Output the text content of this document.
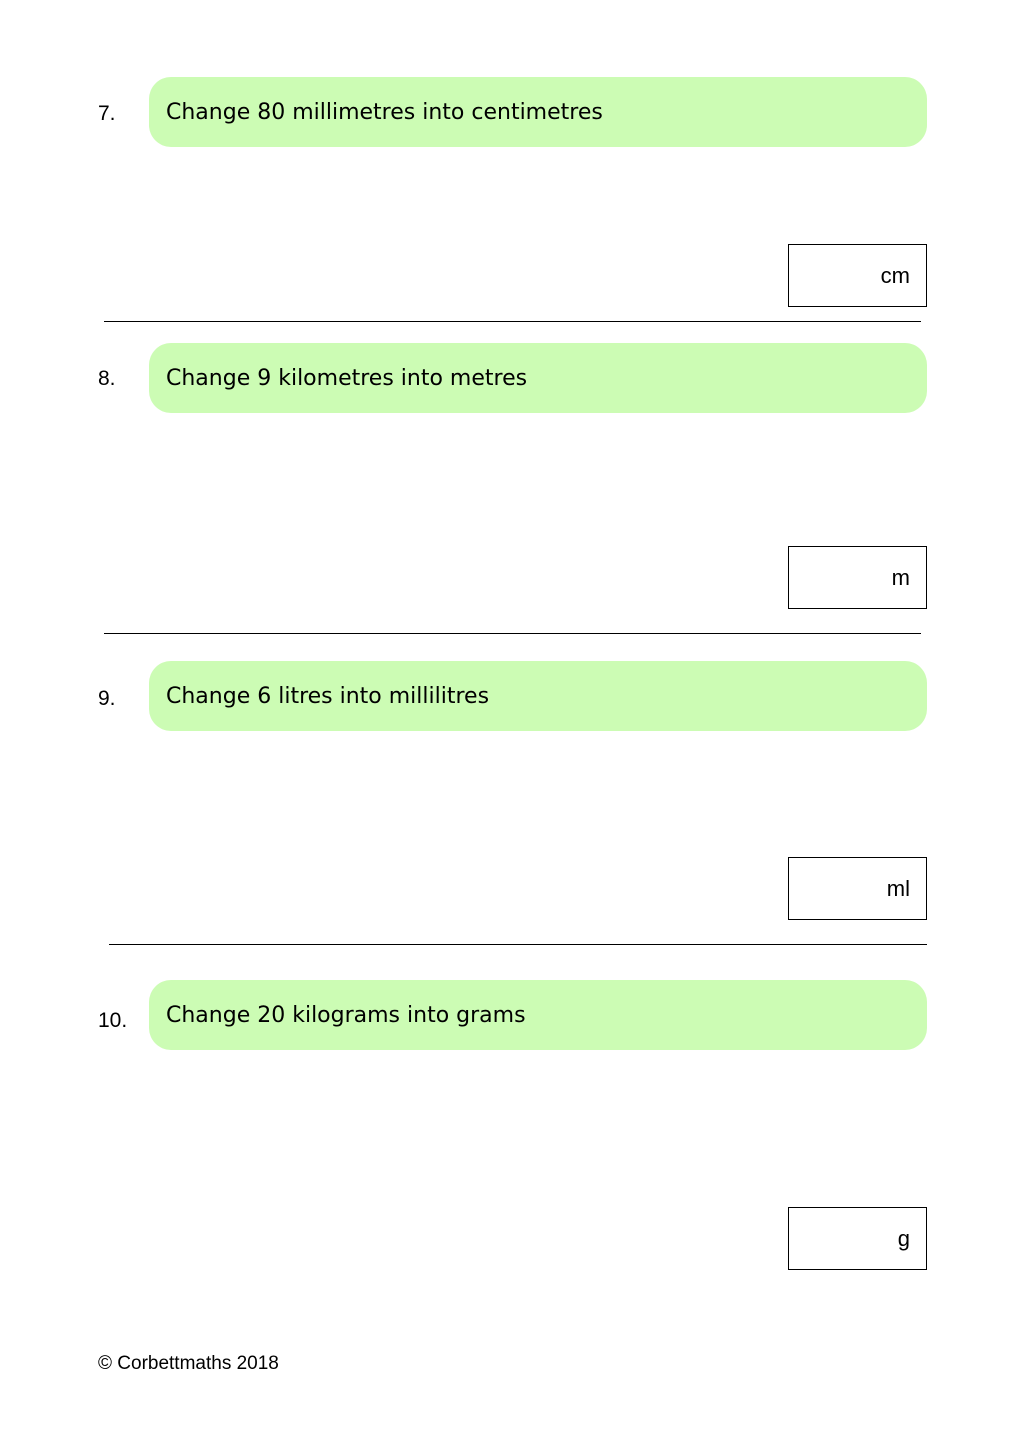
7. Change 80 millimetres into centimetres
cm
8. Change 9 kilometres into metres
m
9. Change 6 litres into millilitres
ml
10. Change 20 kilograms into grams
g
© Corbettmaths 2018
